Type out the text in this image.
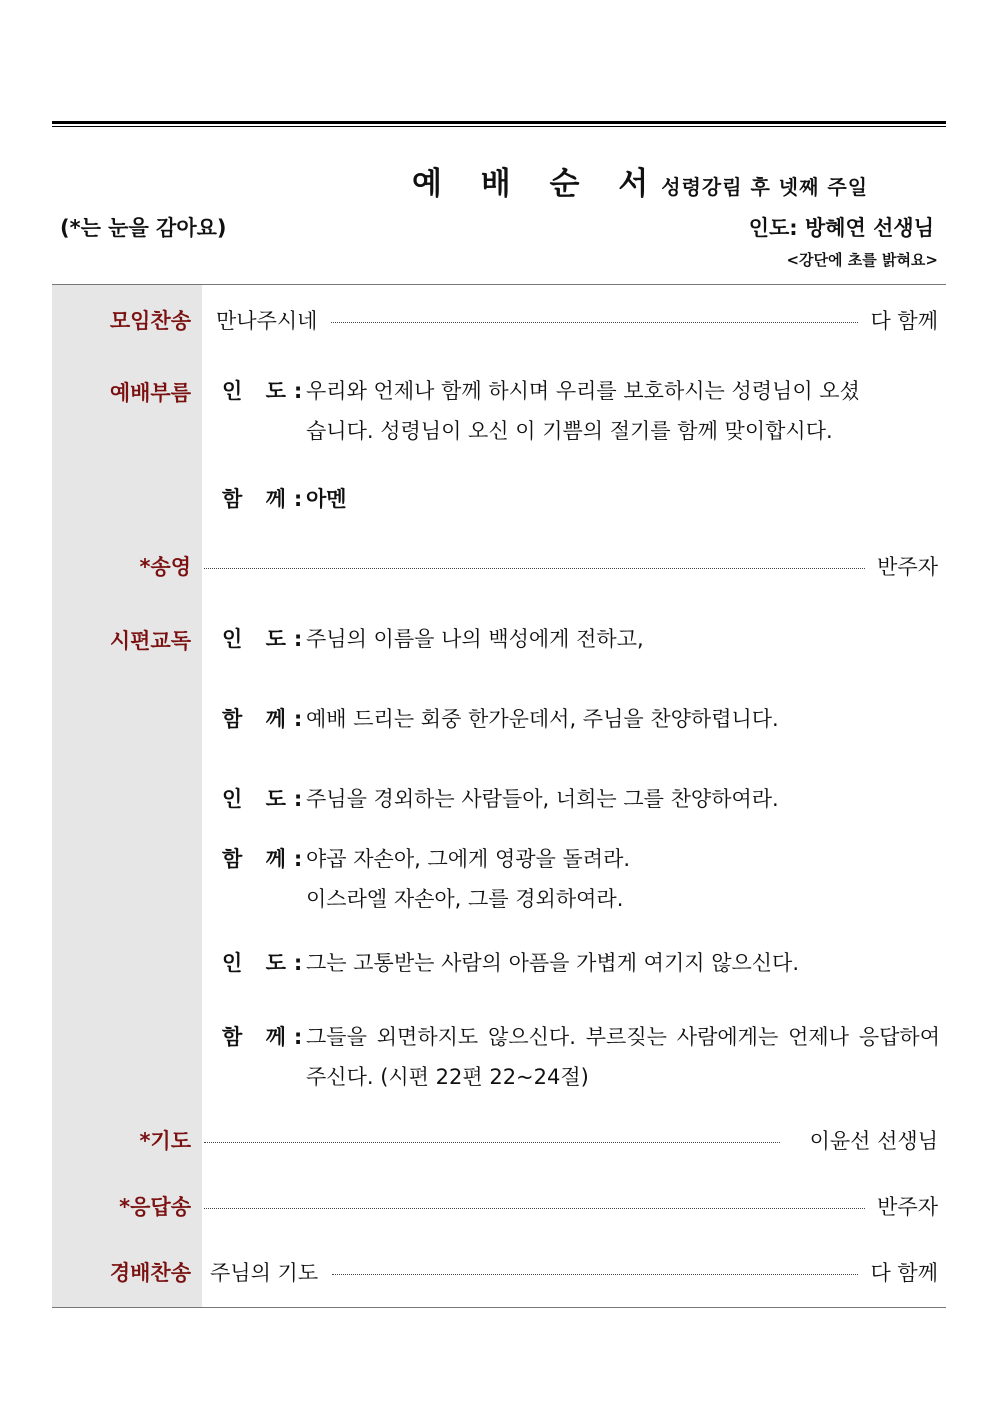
예 배 순 서 성령강림 후 넷째 주일
(*는 눈을 감아요)	인도: 방혜연 선생님
<강단에 초를 밝혀요>
모임찬송 만나주시네	다 함께
예배부름 인 도:
우리와 언제나 함께 하시며 우리를 보호하시는 성령님이 오셨습니다. 성령님이 오신 이 기쁨의 절기를 함께 맞이합시다.
함 께:
아멘
*송영	반주자
시편교독 인 도:
주님의 이름을 나의 백성에게 전하고,
함 께:
예배 드리는 회중 한가운데서, 주님을 찬양하렵니다.
인 도:
주님을 경외하는 사람들아, 너희는 그를 찬양하여라.
함 께:
야곱 자손아, 그에게 영광을 돌려라.
이스라엘 자손아, 그를 경외하여라.
인 도:
그는 고통받는 사람의 아픔을 가볍게 여기지 않으신다.
함 께:
그들을 외면하지도 않으신다. 부르짖는 사람에게는 언제나 응답하여 주신다. (시편 22편 22~24절)
*기도	이윤선 선생님
*응답송	반주자
경배찬송 주님의 기도	다 함께
